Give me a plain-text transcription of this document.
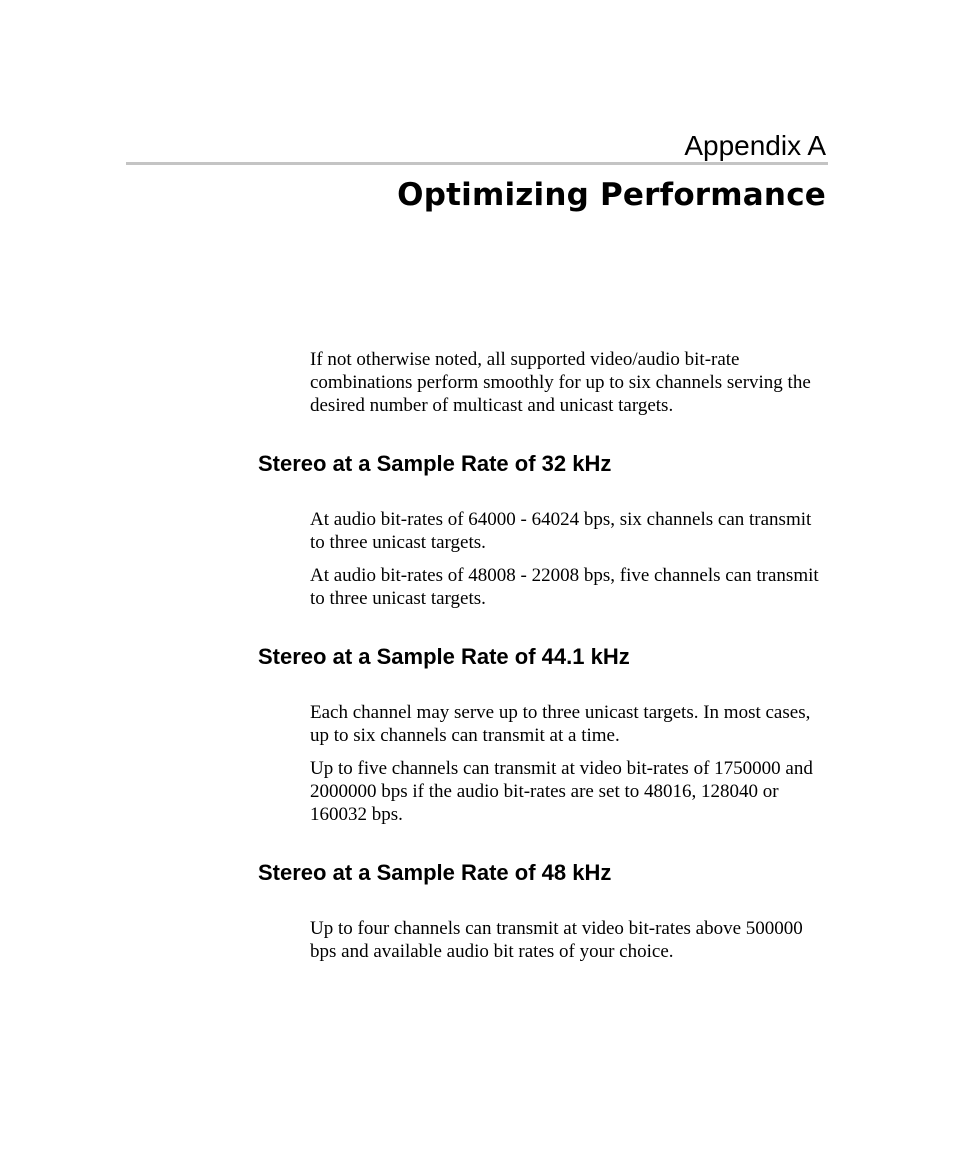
Appendix A
Optimizing Performance

If not otherwise noted, all supported video/audio bit-rate combinations perform smoothly for up to six channels serving the desired number of multicast and unicast targets.

Stereo at a Sample Rate of 32 kHz

At audio bit-rates of 64000 - 64024 bps, six channels can transmit to three unicast targets.

At audio bit-rates of 48008 - 22008 bps, five channels can transmit to three unicast targets.

Stereo at a Sample Rate of 44.1 kHz

Each channel may serve up to three unicast targets. In most cases, up to six channels can transmit at a time.

Up to five channels can transmit at video bit-rates of 1750000 and 2000000 bps if the audio bit-rates are set to 48016, 128040 or 160032 bps.

Stereo at a Sample Rate of 48 kHz

Up to four channels can transmit at video bit-rates above 500000 bps and available audio bit rates of your choice.
